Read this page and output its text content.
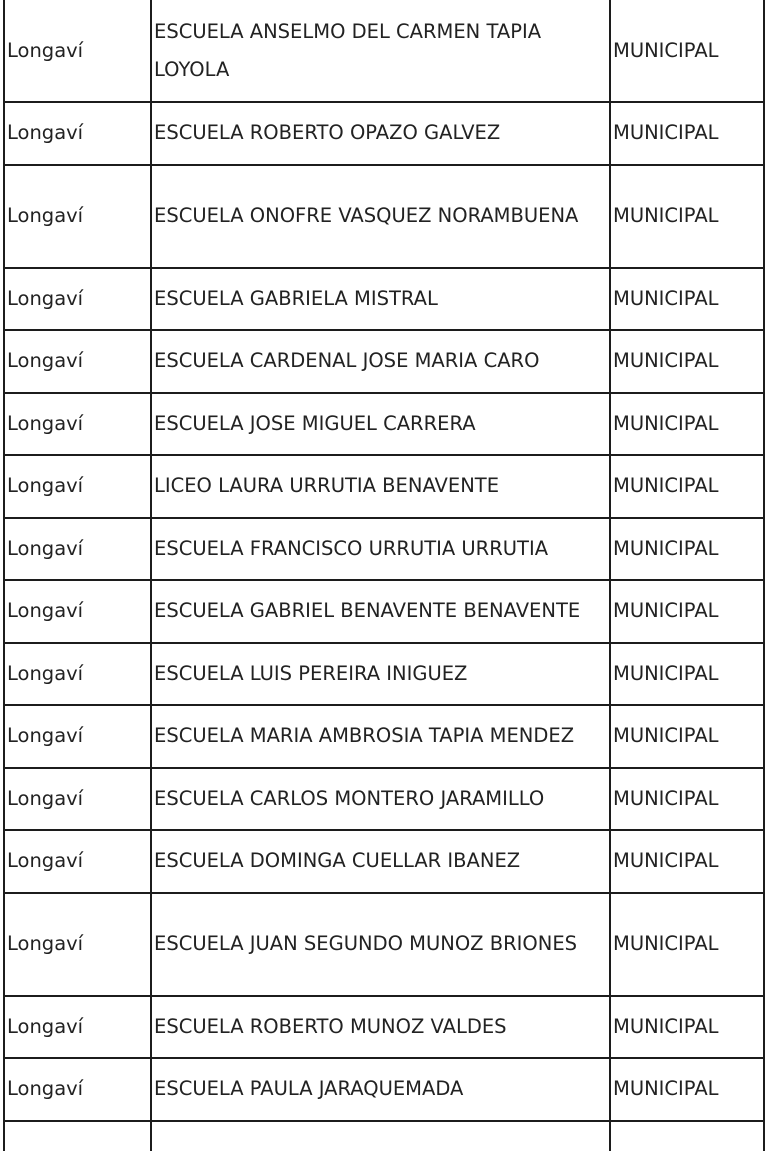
Longaví	ESCUELA ANSELMO DEL CARMEN TAPIA LOYOLA	MUNICIPAL
Longaví	ESCUELA ROBERTO OPAZO GALVEZ	MUNICIPAL
Longaví	ESCUELA ONOFRE VASQUEZ NORAMBUENA	MUNICIPAL
Longaví	ESCUELA GABRIELA MISTRAL	MUNICIPAL
Longaví	ESCUELA CARDENAL JOSE MARIA CARO	MUNICIPAL
Longaví	ESCUELA JOSE MIGUEL CARRERA	MUNICIPAL
Longaví	LICEO LAURA URRUTIA BENAVENTE	MUNICIPAL
Longaví	ESCUELA FRANCISCO URRUTIA URRUTIA	MUNICIPAL
Longaví	ESCUELA GABRIEL BENAVENTE BENAVENTE	MUNICIPAL
Longaví	ESCUELA LUIS PEREIRA INIGUEZ	MUNICIPAL
Longaví	ESCUELA MARIA AMBROSIA TAPIA MENDEZ	MUNICIPAL
Longaví	ESCUELA CARLOS MONTERO JARAMILLO	MUNICIPAL
Longaví	ESCUELA DOMINGA CUELLAR IBANEZ	MUNICIPAL
Longaví	ESCUELA JUAN SEGUNDO MUNOZ BRIONES	MUNICIPAL
Longaví	ESCUELA ROBERTO MUNOZ VALDES	MUNICIPAL
Longaví	ESCUELA PAULA JARAQUEMADA	MUNICIPAL
